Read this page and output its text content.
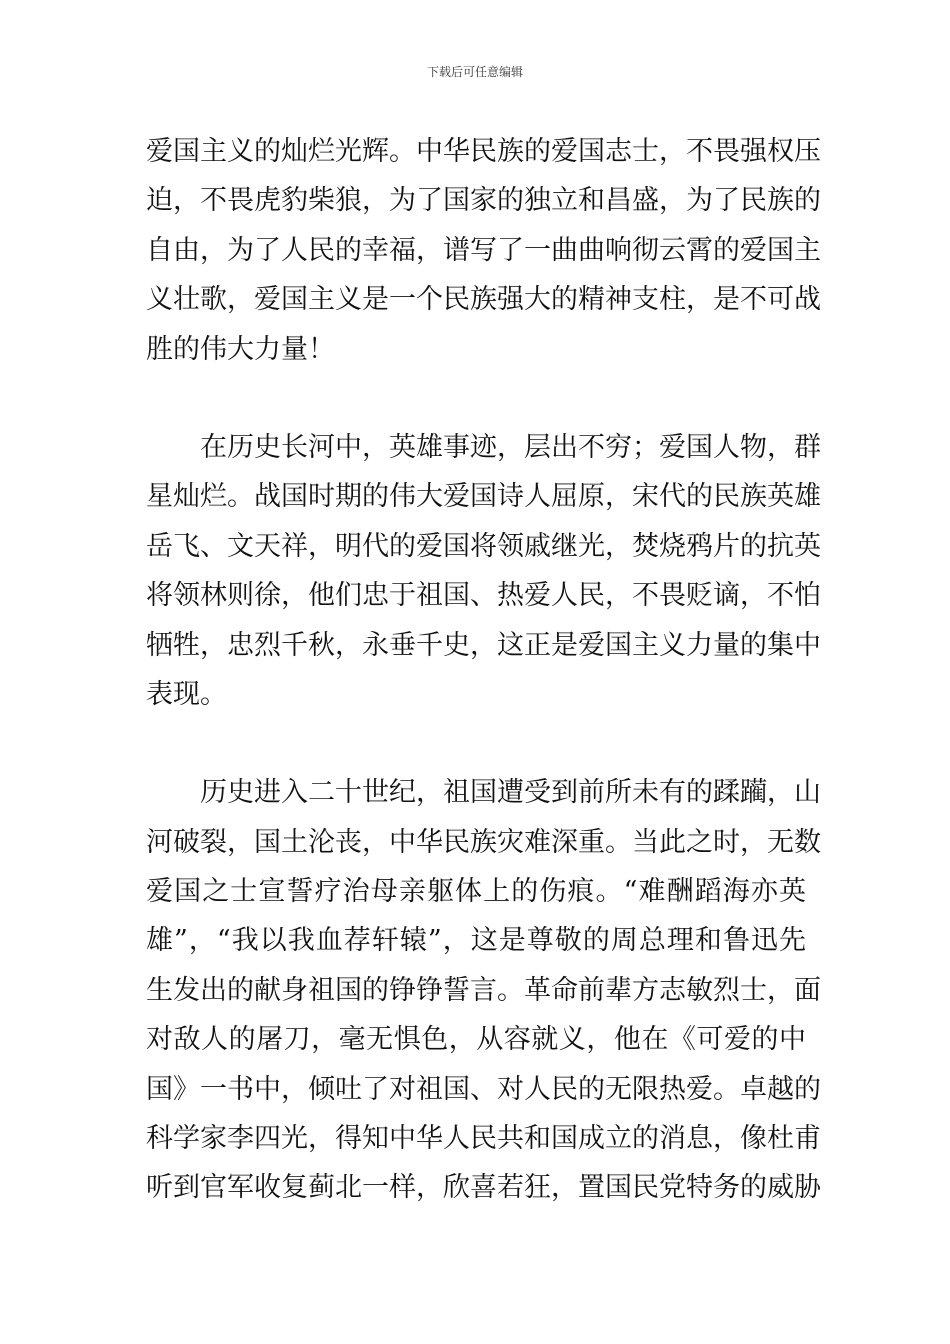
下载后可任意编辑
爱国主义的灿烂光辉。中华民族的爱国志士，不畏强权压
迫，不畏虎豹柴狼，为了国家的独立和昌盛，为了民族的
自由，为了人民的幸福，谱写了一曲曲响彻云霄的爱国主
义壮歌，爱国主义是一个民族强大的精神支柱，是不可战
胜的伟大力量！
在历史长河中，英雄事迹，层出不穷；爱国人物，群
星灿烂。战国时期的伟大爱国诗人屈原，宋代的民族英雄
岳飞、文天祥，明代的爱国将领戚继光，焚烧鸦片的抗英
将领林则徐，他们忠于祖国、热爱人民，不畏贬谪，不怕
牺牲，忠烈千秋，永垂千史，这正是爱国主义力量的集中
表现。
历史进入二十世纪，祖国遭受到前所未有的蹂躏，山
河破裂，国土沦丧，中华民族灾难深重。当此之时，无数
爱国之士宣誓疗治母亲躯体上的伤痕。“难酬蹈海亦英
雄”，“我以我血荐轩辕”，这是尊敬的周总理和鲁迅先
生发出的献身祖国的铮铮誓言。革命前辈方志敏烈士，面
对敌人的屠刀，毫无惧色，从容就义，他在《可爱的中
国》一书中，倾吐了对祖国、对人民的无限热爱。卓越的
科学家李四光，得知中华人民共和国成立的消息，像杜甫
听到官军收复蓟北一样，欣喜若狂，置国民党特务的威胁
